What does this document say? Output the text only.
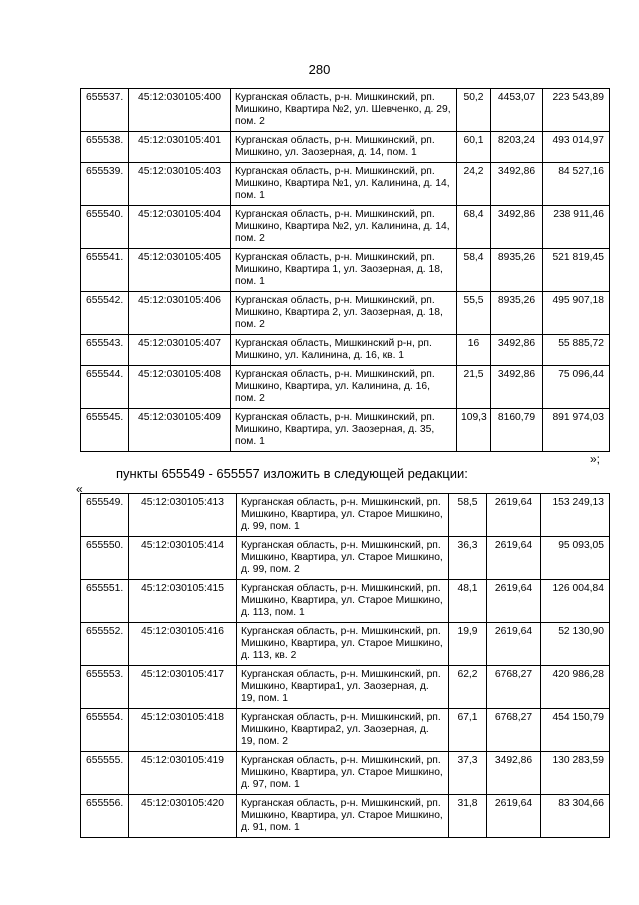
280
655537.	45:12:030105:400	Курганская область, р-н. Мишкинский, рп. Мишкино, Квартира №2, ул. Шевченко, д. 29, пом. 2	50,2	4453,07	223 543,89
655538.	45:12:030105:401	Курганская область, р-н. Мишкинский, рп. Мишкино, ул. Заозерная, д. 14, пом. 1	60,1	8203,24	493 014,97
655539.	45:12:030105:403	Курганская область, р-н. Мишкинский, рп. Мишкино, Квартира №1, ул. Калинина, д. 14, пом. 1	24,2	3492,86	84 527,16
655540.	45:12:030105:404	Курганская область, р-н. Мишкинский, рп. Мишкино, Квартира №2, ул. Калинина, д. 14, пом. 2	68,4	3492,86	238 911,46
655541.	45:12:030105:405	Курганская область, р-н. Мишкинский, рп. Мишкино, Квартира 1, ул. Заозерная, д. 18, пом. 1	58,4	8935,26	521 819,45
655542.	45:12:030105:406	Курганская область, р-н. Мишкинский, рп. Мишкино, Квартира 2, ул. Заозерная, д. 18, пом. 2	55,5	8935,26	495 907,18
655543.	45:12:030105:407	Курганская область, Мишкинский р-н, рп. Мишкино, ул. Калинина, д. 16, кв. 1	16	3492,86	55 885,72
655544.	45:12:030105:408	Курганская область, р-н. Мишкинский, рп. Мишкино, Квартира, ул. Калинина, д. 16, пом. 2	21,5	3492,86	75 096,44
655545.	45:12:030105:409	Курганская область, р-н. Мишкинский, рп. Мишкино, Квартира, ул. Заозерная, д. 35, пом. 1	109,3	8160,79	891 974,03
»;
пункты 655549 - 655557 изложить в следующей редакции:
«
655549.	45:12:030105:413	Курганская область, р-н. Мишкинский, рп. Мишкино, Квартира, ул. Старое Мишкино, д. 99, пом. 1	58,5	2619,64	153 249,13
655550.	45:12:030105:414	Курганская область, р-н. Мишкинский, рп. Мишкино, Квартира, ул. Старое Мишкино, д. 99, пом. 2	36,3	2619,64	95 093,05
655551.	45:12:030105:415	Курганская область, р-н. Мишкинский, рп. Мишкино, Квартира, ул. Старое Мишкино, д. 113, пом. 1	48,1	2619,64	126 004,84
655552.	45:12:030105:416	Курганская область, р-н. Мишкинский, рп. Мишкино, Квартира, ул. Старое Мишкино, д. 113, кв. 2	19,9	2619,64	52 130,90
655553.	45:12:030105:417	Курганская область, р-н. Мишкинский, рп. Мишкино, Квартира1, ул. Заозерная, д. 19, пом. 1	62,2	6768,27	420 986,28
655554.	45:12:030105:418	Курганская область, р-н. Мишкинский, рп. Мишкино, Квартира2, ул. Заозерная, д. 19, пом. 2	67,1	6768,27	454 150,79
655555.	45:12:030105:419	Курганская область, р-н. Мишкинский, рп. Мишкино, Квартира, ул. Старое Мишкино, д. 97, пом. 1	37,3	3492,86	130 283,59
655556.	45:12:030105:420	Курганская область, р-н. Мишкинский, рп. Мишкино, Квартира, ул. Старое Мишкино, д. 91, пом. 1	31,8	2619,64	83 304,66
